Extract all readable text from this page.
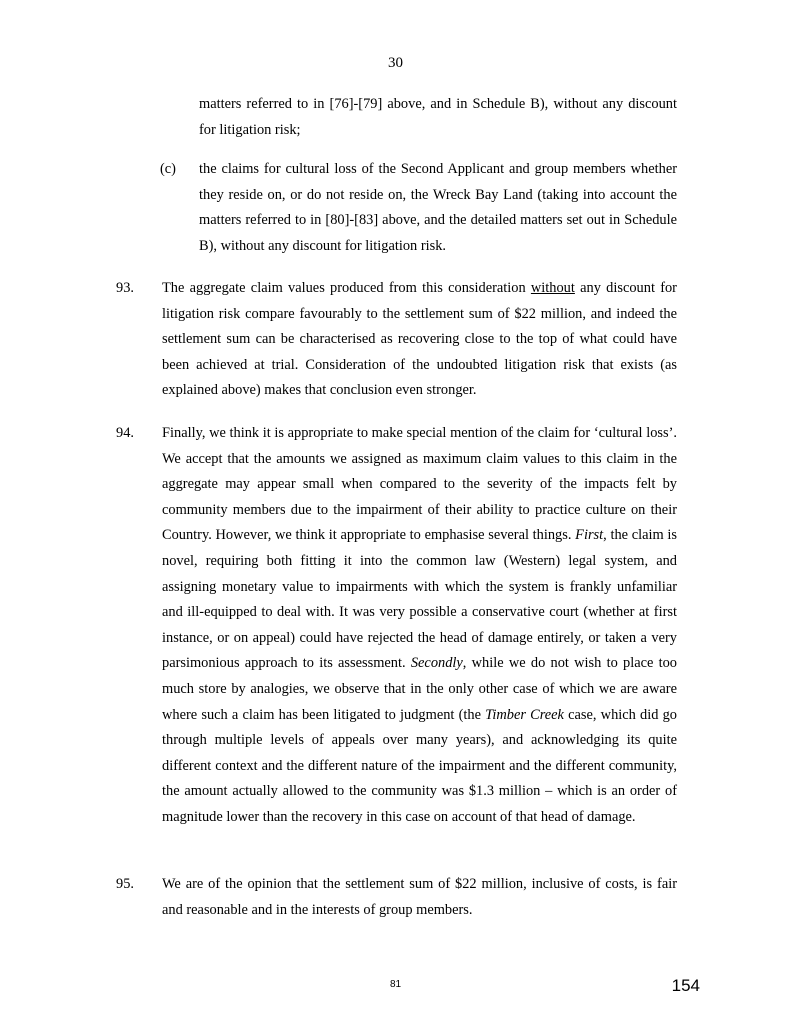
30
matters referred to in [76]-[79] above, and in Schedule B), without any discount for litigation risk;
(c) the claims for cultural loss of the Second Applicant and group members whether they reside on, or do not reside on, the Wreck Bay Land (taking into account the matters referred to in [80]-[83] above, and the detailed matters set out in Schedule B), without any discount for litigation risk.
93. The aggregate claim values produced from this consideration without any discount for litigation risk compare favourably to the settlement sum of $22 million, and indeed the settlement sum can be characterised as recovering close to the top of what could have been achieved at trial. Consideration of the undoubted litigation risk that exists (as explained above) makes that conclusion even stronger.
94. Finally, we think it is appropriate to make special mention of the claim for ‘cultural loss’. We accept that the amounts we assigned as maximum claim values to this claim in the aggregate may appear small when compared to the severity of the impacts felt by community members due to the impairment of their ability to practice culture on their Country. However, we think it appropriate to emphasise several things. First, the claim is novel, requiring both fitting it into the common law (Western) legal system, and assigning monetary value to impairments with which the system is frankly unfamiliar and ill-equipped to deal with. It was very possible a conservative court (whether at first instance, or on appeal) could have rejected the head of damage entirely, or taken a very parsimonious approach to its assessment. Secondly, while we do not wish to place too much store by analogies, we observe that in the only other case of which we are aware where such a claim has been litigated to judgment (the Timber Creek case, which did go through multiple levels of appeals over many years), and acknowledging its quite different context and the different nature of the impairment and the different community, the amount actually allowed to the community was $1.3 million – which is an order of magnitude lower than the recovery in this case on account of that head of damage.
95. We are of the opinion that the settlement sum of $22 million, inclusive of costs, is fair and reasonable and in the interests of group members.
81	154
